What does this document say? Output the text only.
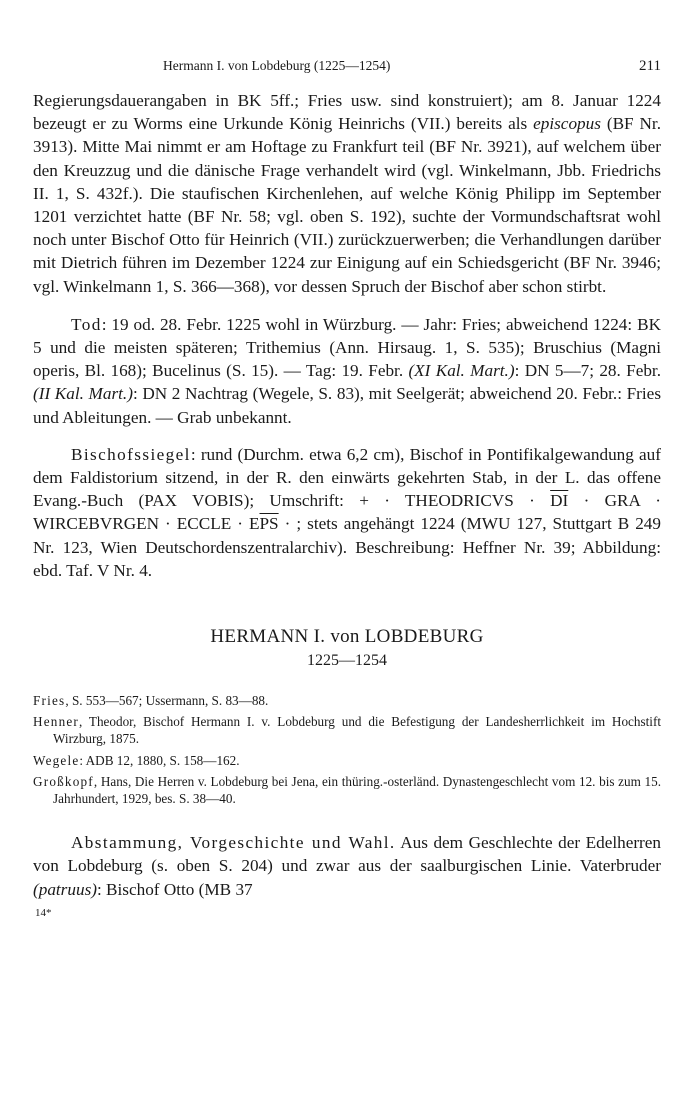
Hermann I. von Lobdeburg (1225—1254)	211

Regierungsdauerangaben in BK 5ff.; Fries usw. sind konstruiert); am 8. Januar 1224 bezeugt er zu Worms eine Urkunde König Heinrichs (VII.) bereits als episcopus (BF Nr. 3913). Mitte Mai nimmt er am Hoftage zu Frankfurt teil (BF Nr. 3921), auf welchem über den Kreuzzug und die dänische Frage verhandelt wird (vgl. Winkelmann, Jbb. Friedrichs II. 1, S. 432f.). Die staufischen Kirchenlehen, auf welche König Philipp im September 1201 verzichtet hatte (BF Nr. 58; vgl. oben S. 192), suchte der Vormundschaftsrat wohl noch unter Bischof Otto für Heinrich (VII.) zurückzuerwerben; die Verhandlungen darüber mit Dietrich führen im Dezember 1224 zur Einigung auf ein Schiedsgericht (BF Nr. 3946; vgl. Winkelmann 1, S. 366—368), vor dessen Spruch der Bischof aber schon stirbt.

Tod: 19 od. 28. Febr. 1225 wohl in Würzburg. — Jahr: Fries; abweichend 1224: BK 5 und die meisten späteren; Trithemius (Ann. Hirsaug. 1, S. 535); Bruschius (Magni operis, Bl. 168); Bucelinus (S. 15). — Tag: 19. Febr. (XI Kal. Mart.): DN 5—7; 28. Febr. (II Kal. Mart.): DN 2 Nachtrag (Wegele, S. 83), mit Seelgerät; abweichend 20. Febr.: Fries und Ableitungen. — Grab unbekannt.

Bischofssiegel: rund (Durchm. etwa 6,2 cm), Bischof in Pontifikalgewandung auf dem Faldistorium sitzend, in der R. den einwärts gekehrten Stab, in der L. das offene Evang.-Buch (PAX VOBIS); Umschrift: + · THEODRICVS · $\overline{DI}$ · GRA · WIRCEBVRGEN · ECCLE · $E\overline{PS}$ · ; stets angehängt 1224 (MWU 127, Stuttgart B 249 Nr. 123, Wien Deutschordenszentralarchiv). Beschreibung: Heffner Nr. 39; Abbildung: ebd. Taf. V Nr. 4.

HERMANN I. von LOBDEBURG
1225—1254

Fries, S. 553—567; Ussermann, S. 83—88.

Henner, Theodor, Bischof Hermann I. v. Lobdeburg und die Befestigung der Landesherrlichkeit im Hochstift Wirzburg, 1875.

Wegele: ADB 12, 1880, S. 158—162.

Großkopf, Hans, Die Herren v. Lobdeburg bei Jena, ein thüring.-osterländ. Dynastengeschlecht vom 12. bis zum 15. Jahrhundert, 1929, bes. S. 38—40.

Abstammung, Vorgeschichte und Wahl. Aus dem Geschlechte der Edelherren von Lobdeburg (s. oben S. 204) und zwar aus der saalburgischen Linie. Vaterbruder (patruus): Bischof Otto (MB 37

14*
